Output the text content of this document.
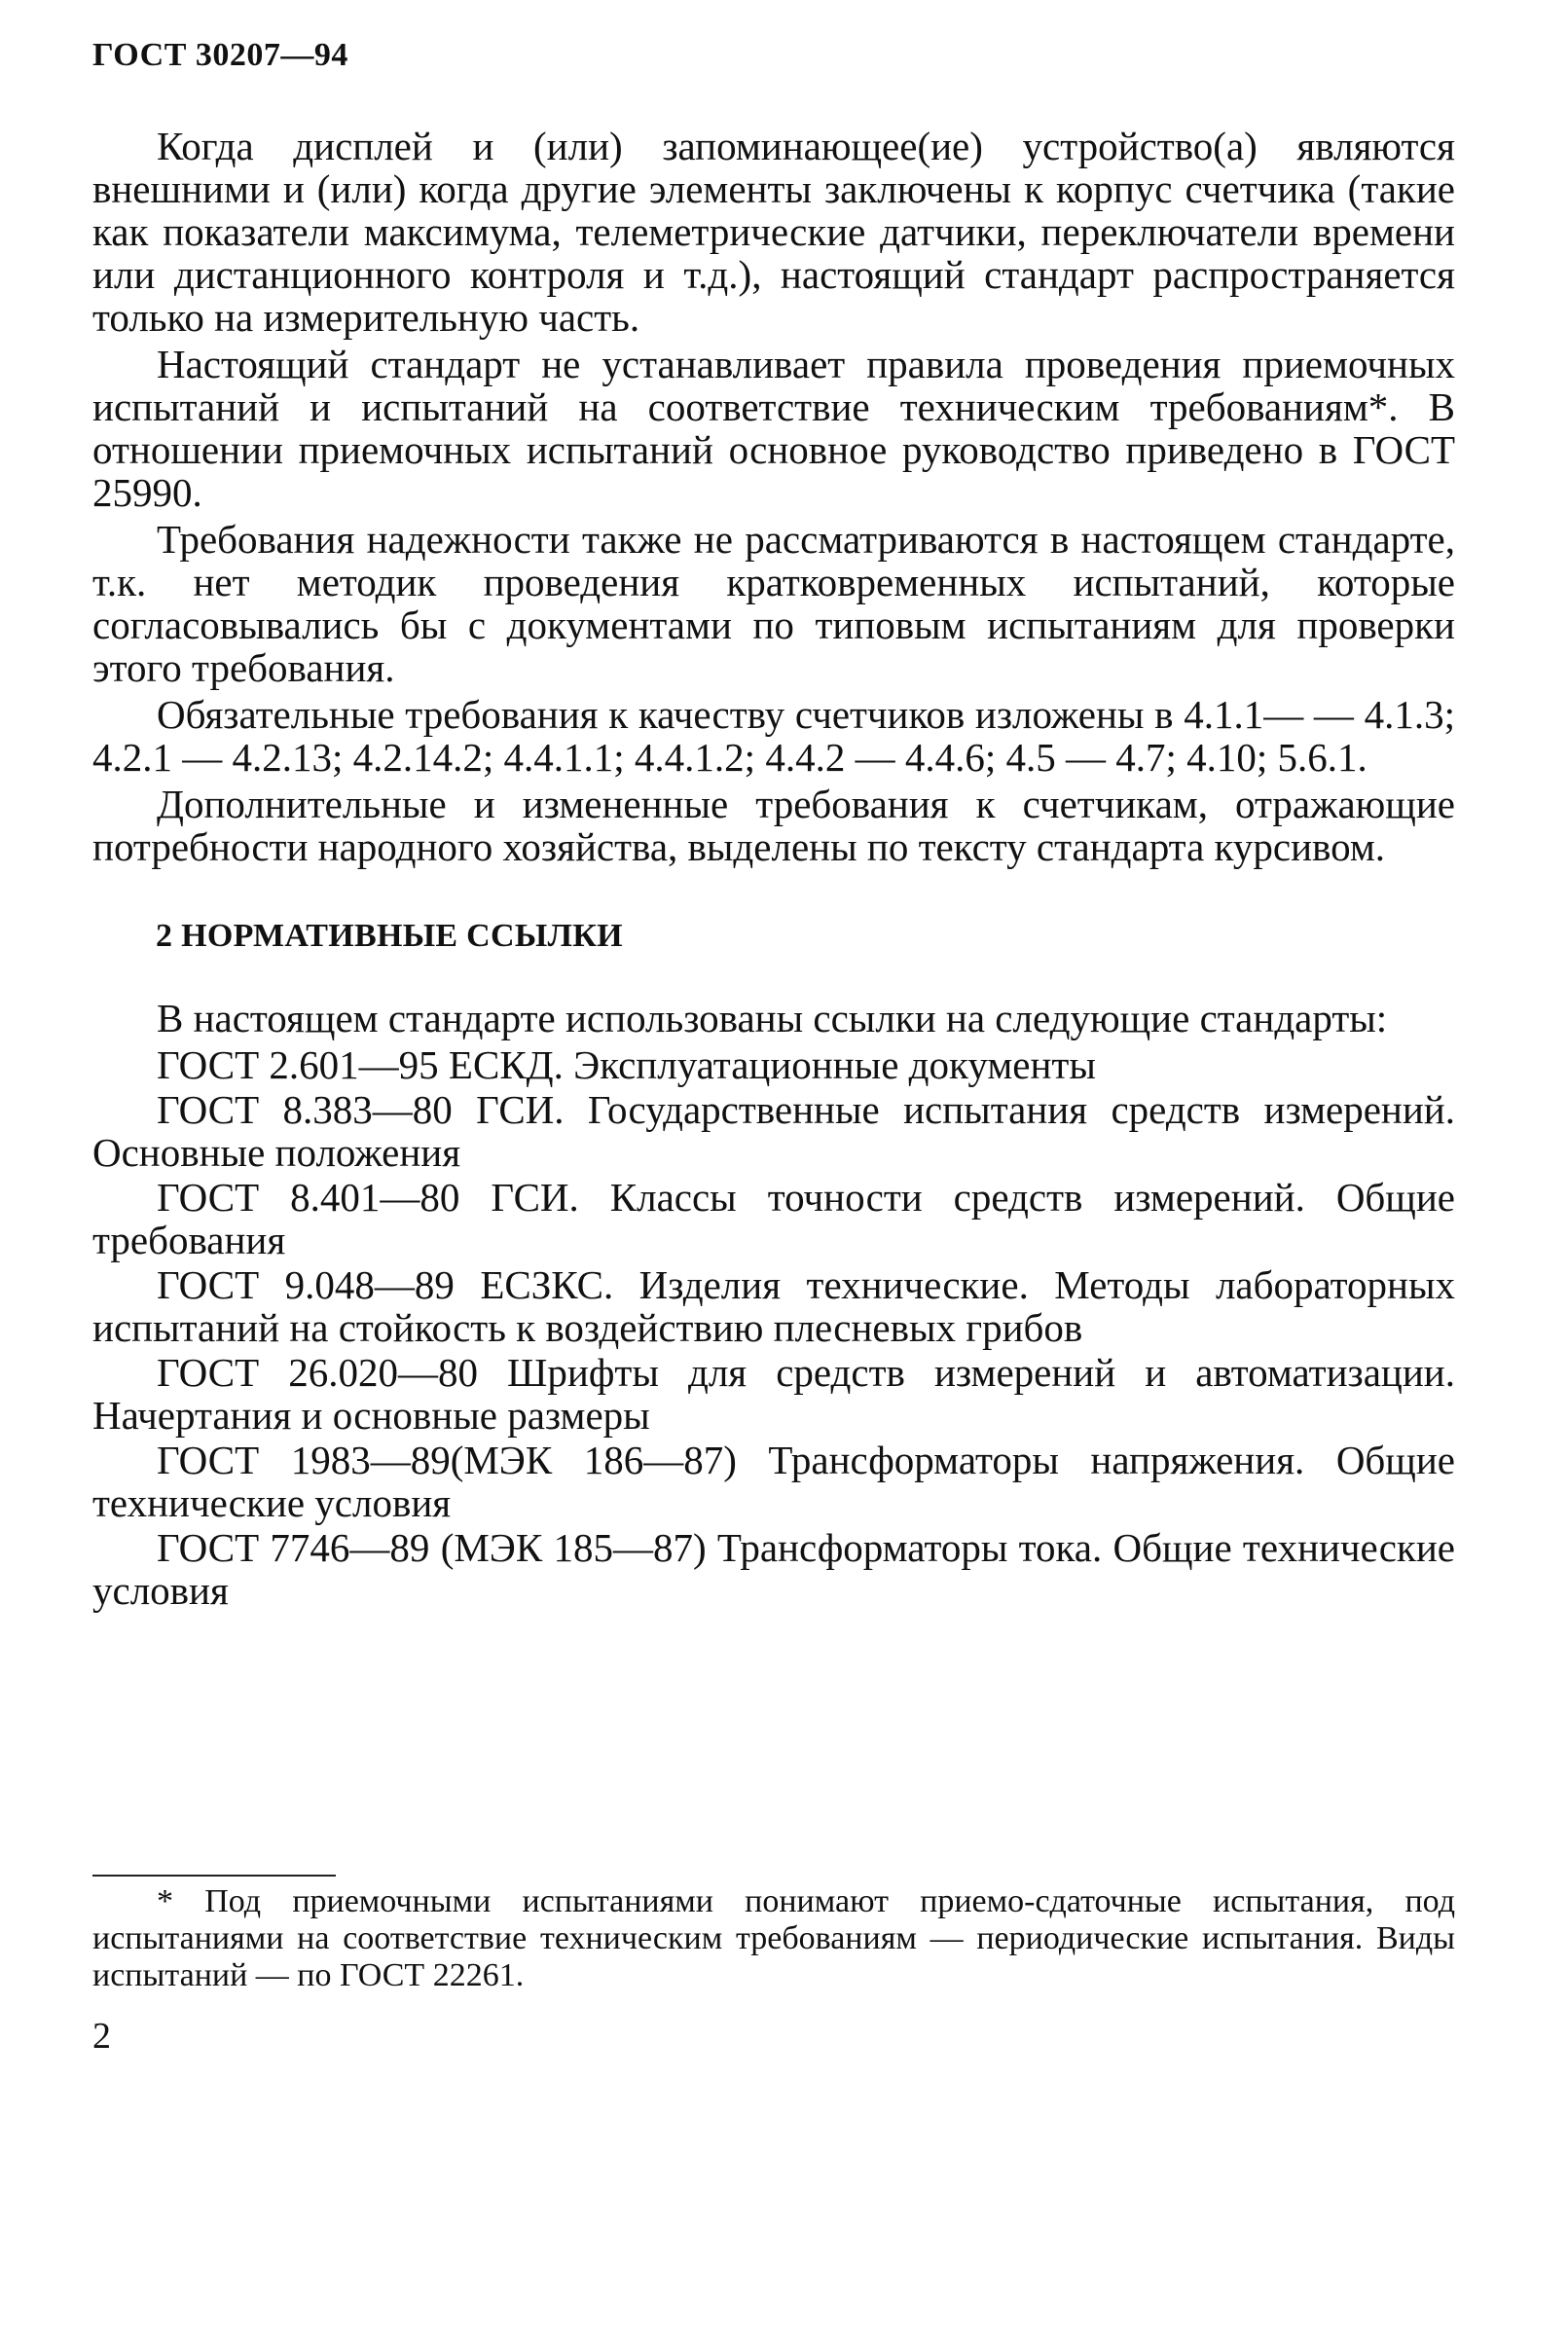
ГОСТ 30207—94

Когда дисплей и (или) запоминающее(ие) устройство(а) являются внешними и (или) когда другие элементы заключены к корпус счетчика (такие как показатели максимума, телеметрические датчики, переключатели времени или дистанционного контроля и т.д.), настоящий стандарт распространяется только на измерительную часть.

Настоящий стандарт не устанавливает правила проведения приемочных испытаний и испытаний на соответствие техническим требованиям*. В отношении приемочных испытаний основное руководство приведено в ГОСТ 25990.

Требования надежности также не рассматриваются в настоящем стандарте, т.к. нет методик проведения кратковременных испытаний, которые согласовывались бы с документами по типовым испытаниям для проверки этого требования.

Обязательные требования к качеству счетчиков изложены в 4.1.1— — 4.1.3; 4.2.1 — 4.2.13; 4.2.14.2; 4.4.1.1; 4.4.1.2; 4.4.2 — 4.4.6; 4.5 — 4.7; 4.10; 5.6.1.

Дополнительные и измененные требования к счетчикам, отражающие потребности народного хозяйства, выделены по тексту стандарта курсивом.

2 НОРМАТИВНЫЕ ССЫЛКИ

В настоящем стандарте использованы ссылки на следующие стандарты:

ГОСТ 2.601—95 ЕСКД. Эксплуатационные документы

ГОСТ 8.383—80 ГСИ. Государственные испытания средств измерений. Основные положения

ГОСТ 8.401—80 ГСИ. Классы точности средств измерений. Общие требования

ГОСТ 9.048—89 ЕСЗКС. Изделия технические. Методы лабораторных испытаний на стойкость к воздействию плесневых грибов

ГОСТ 26.020—80 Шрифты для средств измерений и автоматизации. Начертания и основные размеры

ГОСТ 1983—89(МЭК 186—87) Трансформаторы напряжения. Общие технические условия

ГОСТ 7746—89 (МЭК 185—87) Трансформаторы тока. Общие технические условия

* Под приемочными испытаниями понимают приемо-сдаточные испытания, под испытаниями на соответствие техническим требованиям — периодические испытания. Виды испытаний — по ГОСТ 22261.
2
